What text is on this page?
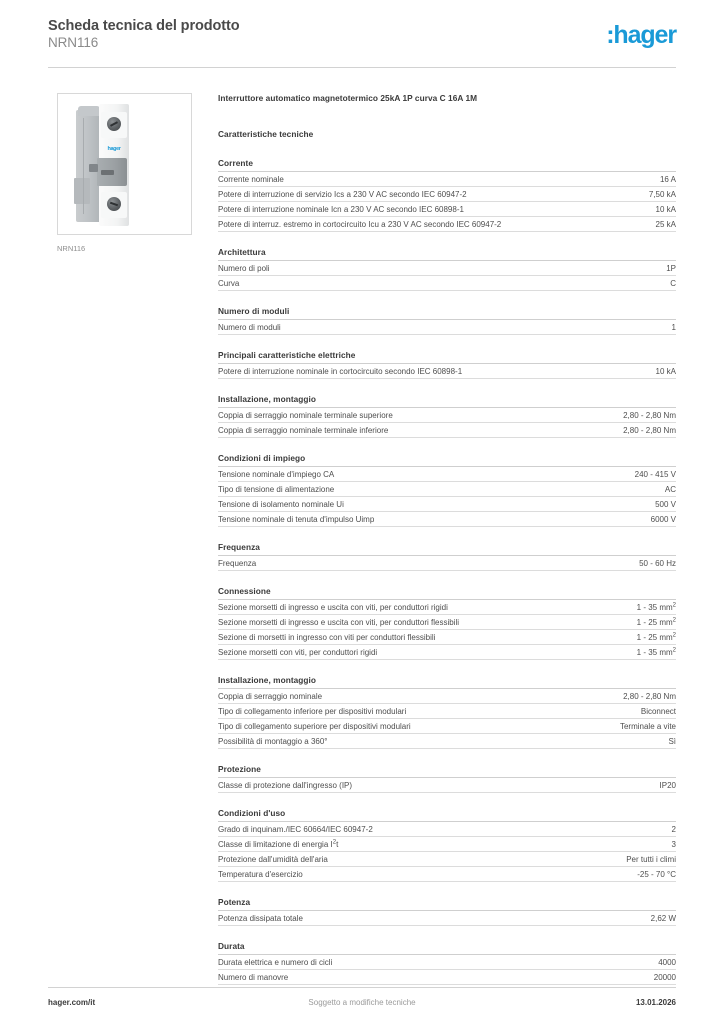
Scheda tecnica del prodotto
NRN116	:hager
hager
NRN116
Interruttore automatico magnetotermico 25kA 1P curva C 16A 1M
Caratteristiche tecniche
Corrente
Corrente nominale	16 A
Potere di interruzione di servizio Ics a 230 V AC secondo IEC 60947-2	7,50 kA
Potere di interruzione nominale Icn a 230 V AC secondo IEC 60898-1	10 kA
Potere di interruz. estremo in cortocircuito Icu a 230 V AC secondo IEC 60947-2	25 kA
Architettura
Numero di poli	1P
Curva	C
Numero di moduli
Numero di moduli	1
Principali caratteristiche elettriche
Potere di interruzione nominale in cortocircuito secondo IEC 60898-1	10 kA
Installazione, montaggio
Coppia di serraggio nominale terminale superiore	2,80 - 2,80 Nm
Coppia di serraggio nominale terminale inferiore	2,80 - 2,80 Nm
Condizioni di impiego
Tensione nominale d'impiego CA	240 - 415 V
Tipo di tensione di alimentazione	AC
Tensione di isolamento nominale Ui	500 V
Tensione nominale di tenuta d'impulso Uimp	6000 V
Frequenza
Frequenza	50 - 60 Hz
Connessione
Sezione morsetti di ingresso e uscita con viti, per conduttori rigidi	1 - 35 $mm^2$
Sezione morsetti di ingresso e uscita con viti, per conduttori flessibili	1 - 25 $mm^2$
Sezione di morsetti in ingresso con viti per conduttori flessibili	1 - 25 $mm^2$
Sezione morsetti con viti, per conduttori rigidi	1 - 35 $mm^2$
Installazione, montaggio
Coppia di serraggio nominale	2,80 - 2,80 Nm
Tipo di collegamento inferiore per dispositivi modulari	Biconnect
Tipo di collegamento superiore per dispositivi modulari	Terminale a vite
Possibilità di montaggio a 360°	Sì
Protezione
Classe di protezione dall'ingresso (IP)	IP20
Condizioni d'uso
Grado di inquinam./IEC 60664/IEC 60947-2	2
Classe di limitazione di energia $I^2t$	3
Protezione dall'umidità dell'aria	Per tutti i climi
Temperatura d'esercizio	-25 - 70 °C
Potenza
Potenza dissipata totale	2,62 W
Durata
Durata elettrica e numero di cicli	4000
Numero di manovre	20000
hager.com/it	Soggetto a modifiche tecniche	13.01.2026
